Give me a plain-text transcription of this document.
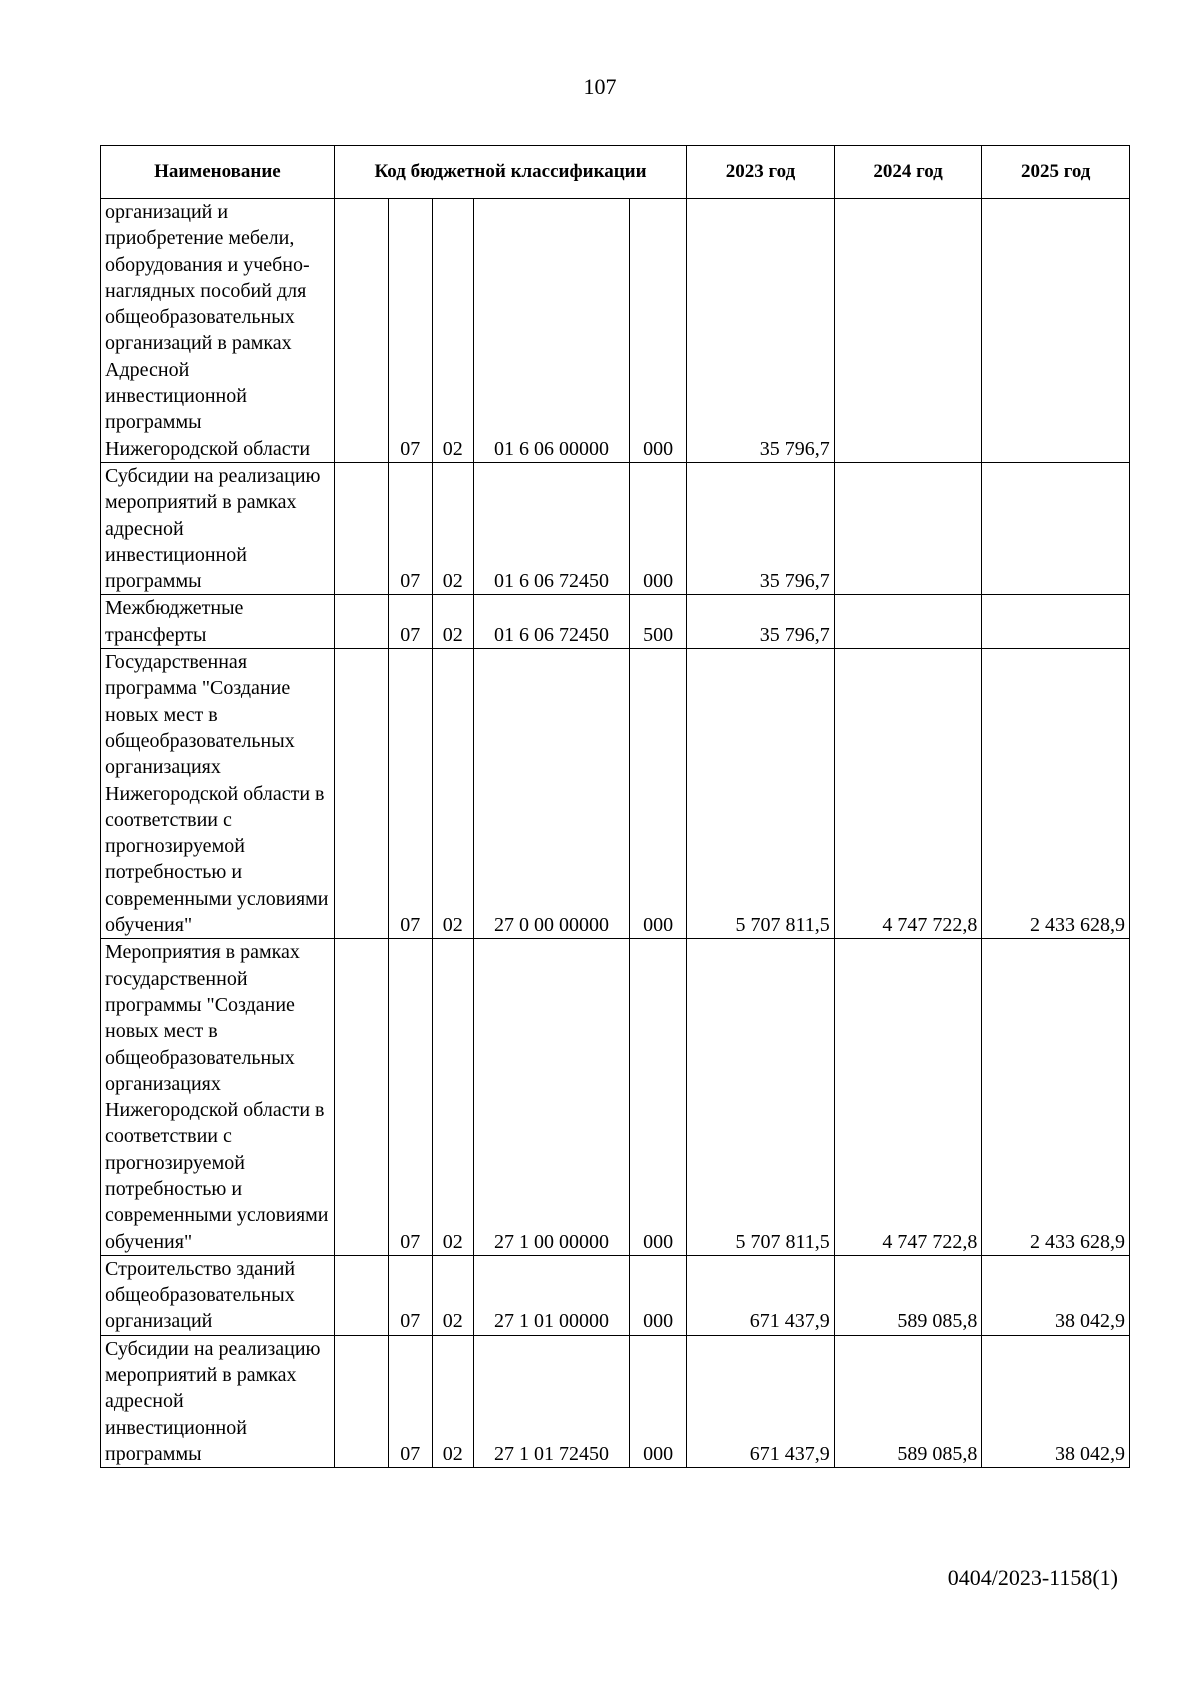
107
Наименование	Код бюджетной классификации					2023 год	2024 год	2025 год
организаций и приобретение мебели, оборудования и учебно-наглядных пособий для общеобразовательных организаций в рамках Адресной инвестиционной программы Нижегородской области		07	02	01 6 06 00000	000	35 796,7		
Субсидии на реализацию мероприятий в рамках адресной инвестиционной программы		07	02	01 6 06 72450	000	35 796,7		
Межбюджетные трансферты		07	02	01 6 06 72450	500	35 796,7		
Государственная программа "Создание новых мест в общеобразовательных организациях Нижегородской области в соответствии с прогнозируемой потребностью и современными условиями обучения"		07	02	27 0 00 00000	000	5 707 811,5	4 747 722,8	2 433 628,9
Мероприятия в рамках государственной программы "Создание новых мест в общеобразовательных организациях Нижегородской области в соответствии с прогнозируемой потребностью и современными условиями обучения"		07	02	27 1 00 00000	000	5 707 811,5	4 747 722,8	2 433 628,9
Строительство зданий общеобразовательных организаций		07	02	27 1 01 00000	000	671 437,9	589 085,8	38 042,9
Субсидии на реализацию мероприятий в рамках адресной инвестиционной программы		07	02	27 1 01 72450	000	671 437,9	589 085,8	38 042,9
0404/2023-1158(1)
